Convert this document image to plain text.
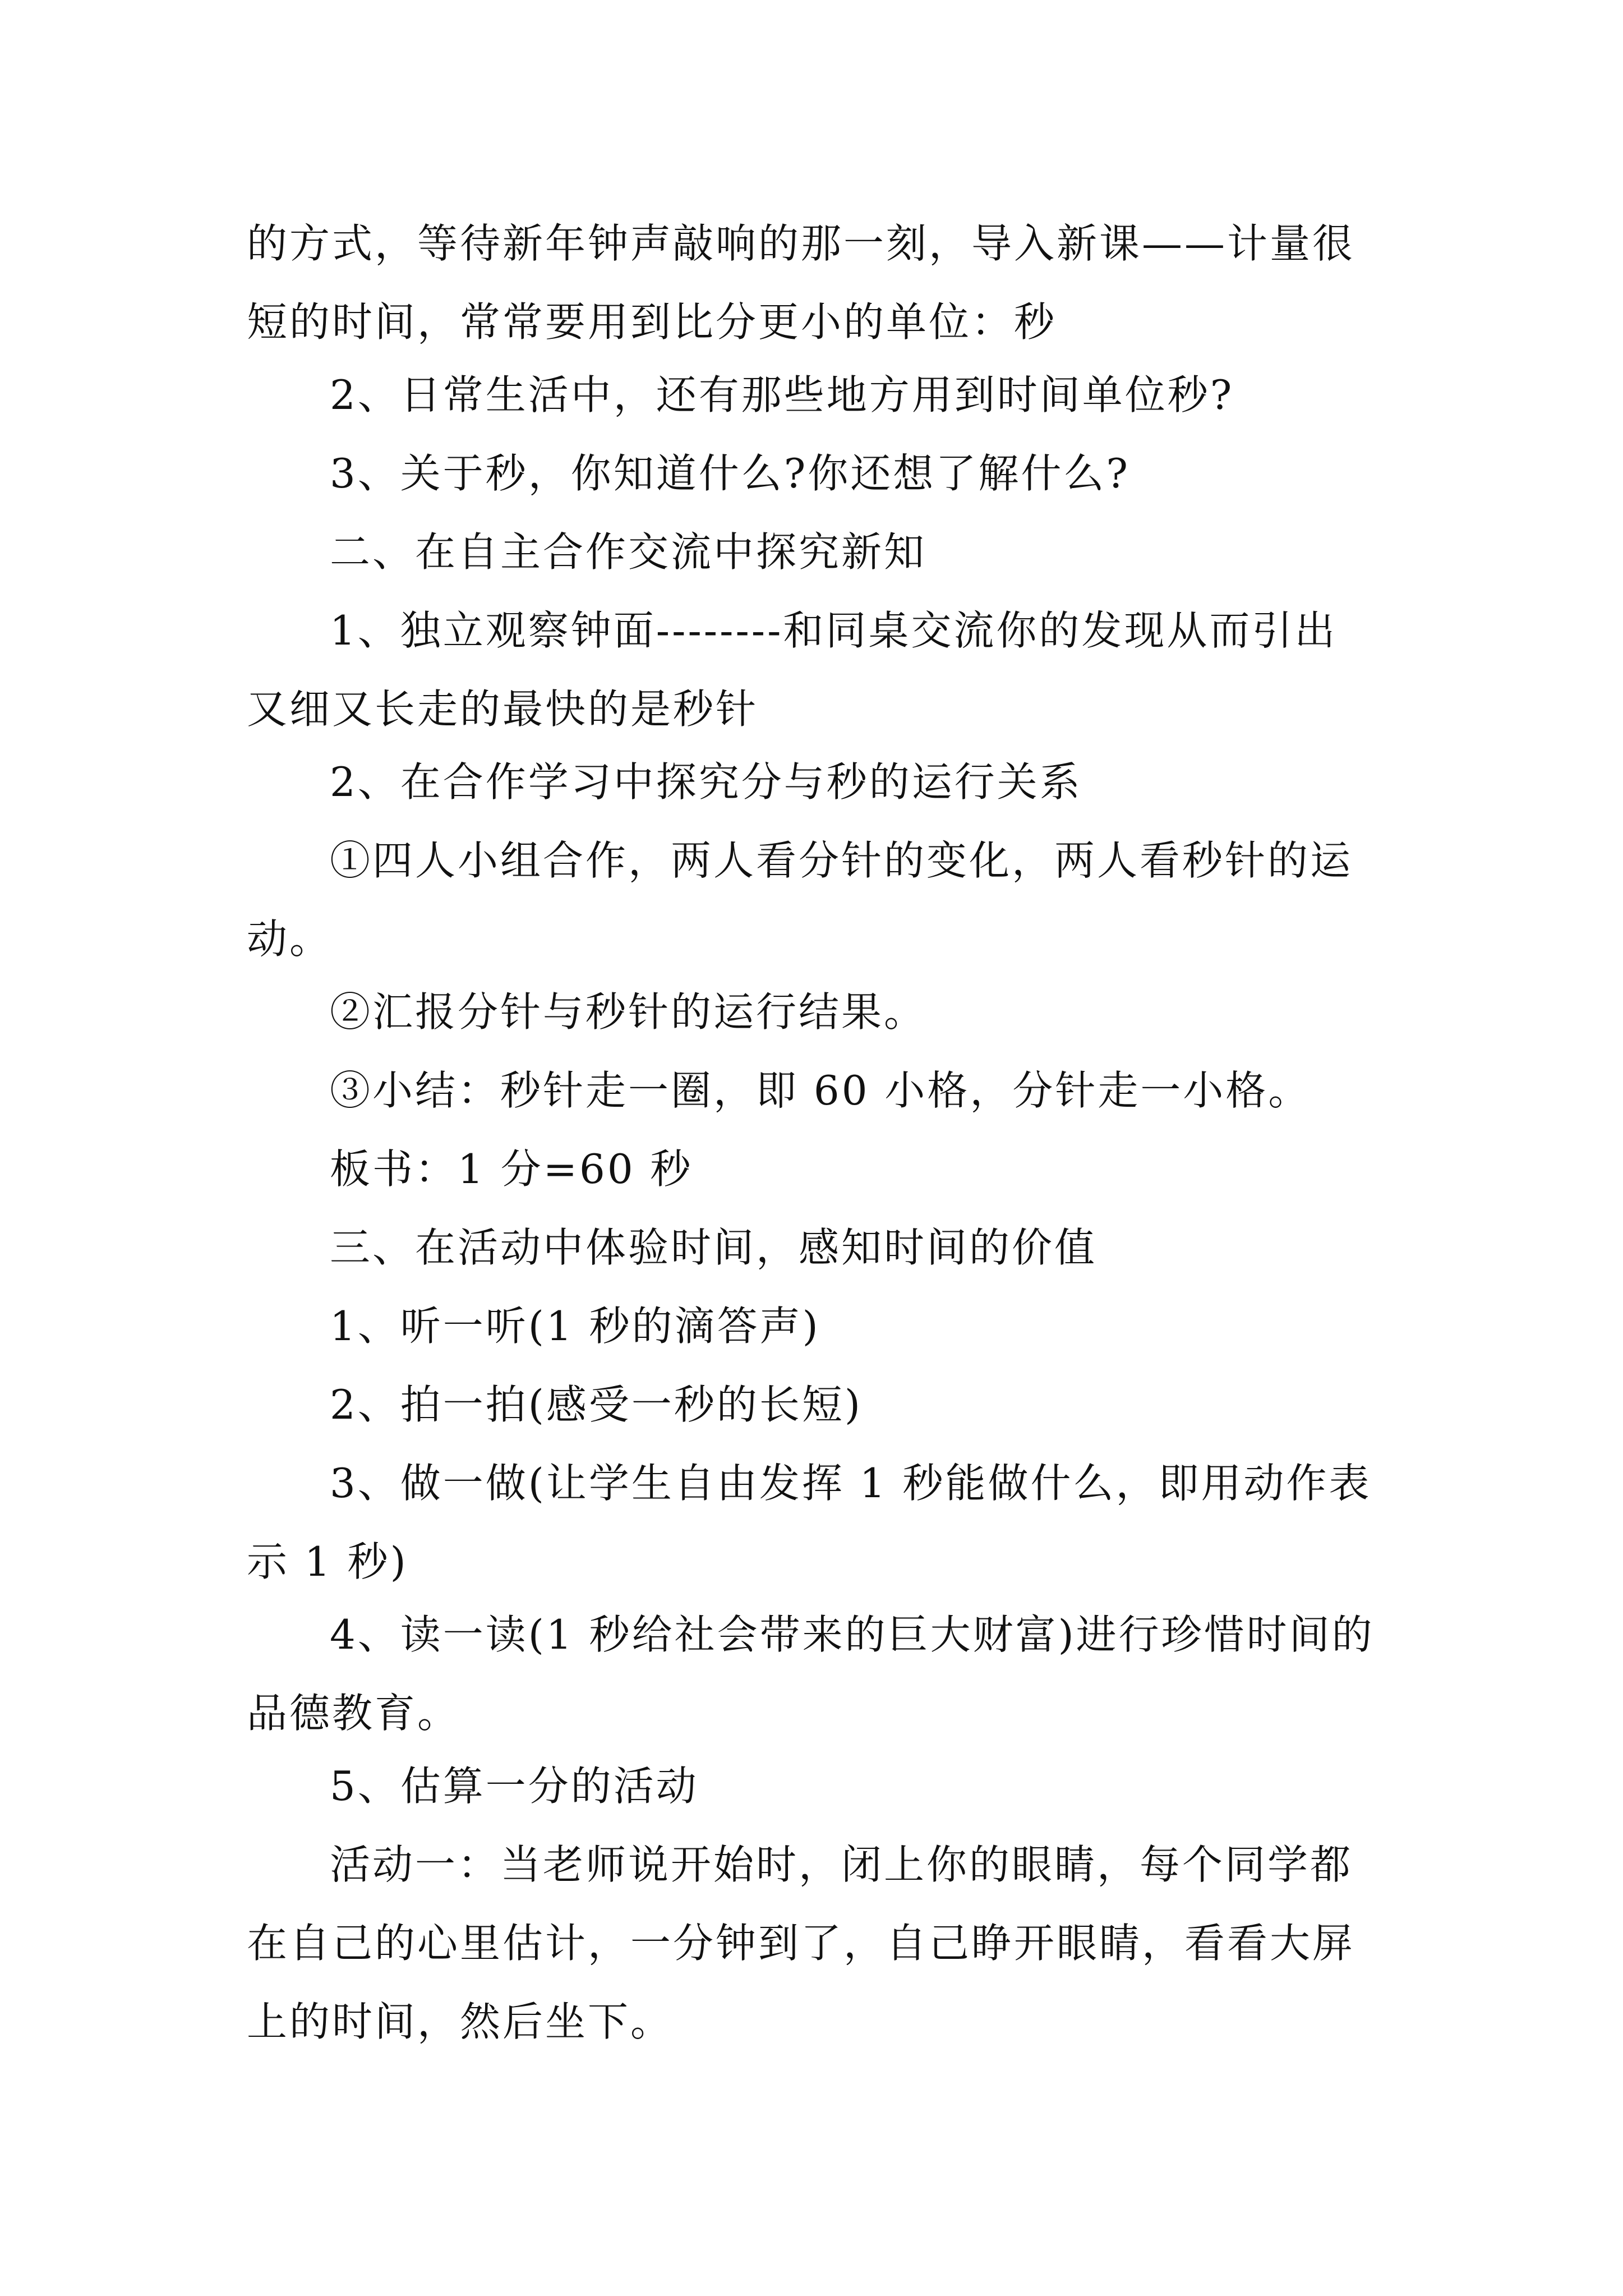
的方式，等待新年钟声敲响的那一刻，导入新课——计量很
短的时间，常常要用到比分更小的单位：秒
2、日常生活中，还有那些地方用到时间单位秒?
3、关于秒，你知道什么?你还想了解什么?
二、在自主合作交流中探究新知
1、独立观察钟面--------和同桌交流你的发现从而引出
又细又长走的最快的是秒针
2、在合作学习中探究分与秒的运行关系
①四人小组合作，两人看分针的变化，两人看秒针的运
动。
②汇报分针与秒针的运行结果。
③小结：秒针走一圈，即 60 小格，分针走一小格。
板书：1 分=60 秒
三、在活动中体验时间，感知时间的价值
1、听一听(1 秒的滴答声)
2、拍一拍(感受一秒的长短)
3、做一做(让学生自由发挥 1 秒能做什么，即用动作表
示 1 秒)
4、读一读(1 秒给社会带来的巨大财富)进行珍惜时间的
品德教育。
5、估算一分的活动
活动一：当老师说开始时，闭上你的眼睛，每个同学都
在自己的心里估计，一分钟到了，自己睁开眼睛，看看大屏
上的时间，然后坐下。
